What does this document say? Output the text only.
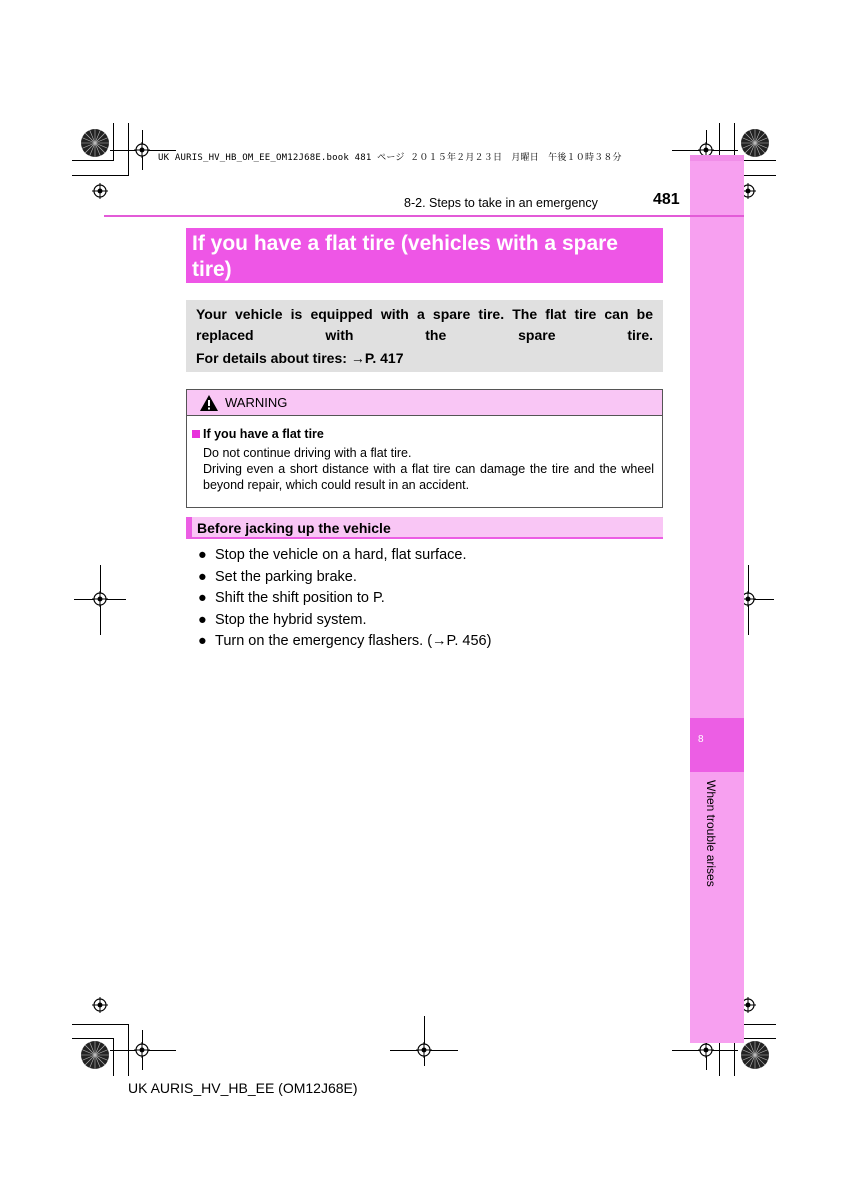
UK AURIS_HV_HB_OM_EE_OM12J68E.book 481 ページ ２０１５年２月２３日　月曜日　午後１０時３８分
8
When trouble arises
8-2. Steps to take in an emergency	481
If you have a flat tire (vehicles with a spare tire)
Your vehicle is equipped with a spare tire. The flat tire can be replaced with the spare tire.
For details about tires: →P. 417
WARNING
If you have a flat tire
Do not continue driving with a flat tire.
Driving even a short distance with a flat tire can damage the tire and the wheel beyond repair, which could result in an accident.
Before jacking up the vehicle
● Stop the vehicle on a hard, flat surface.
● Set the parking brake.
● Shift the shift position to P.
● Stop the hybrid system.
● Turn on the emergency flashers. (→P. 456)
UK AURIS_HV_HB_EE (OM12J68E)
